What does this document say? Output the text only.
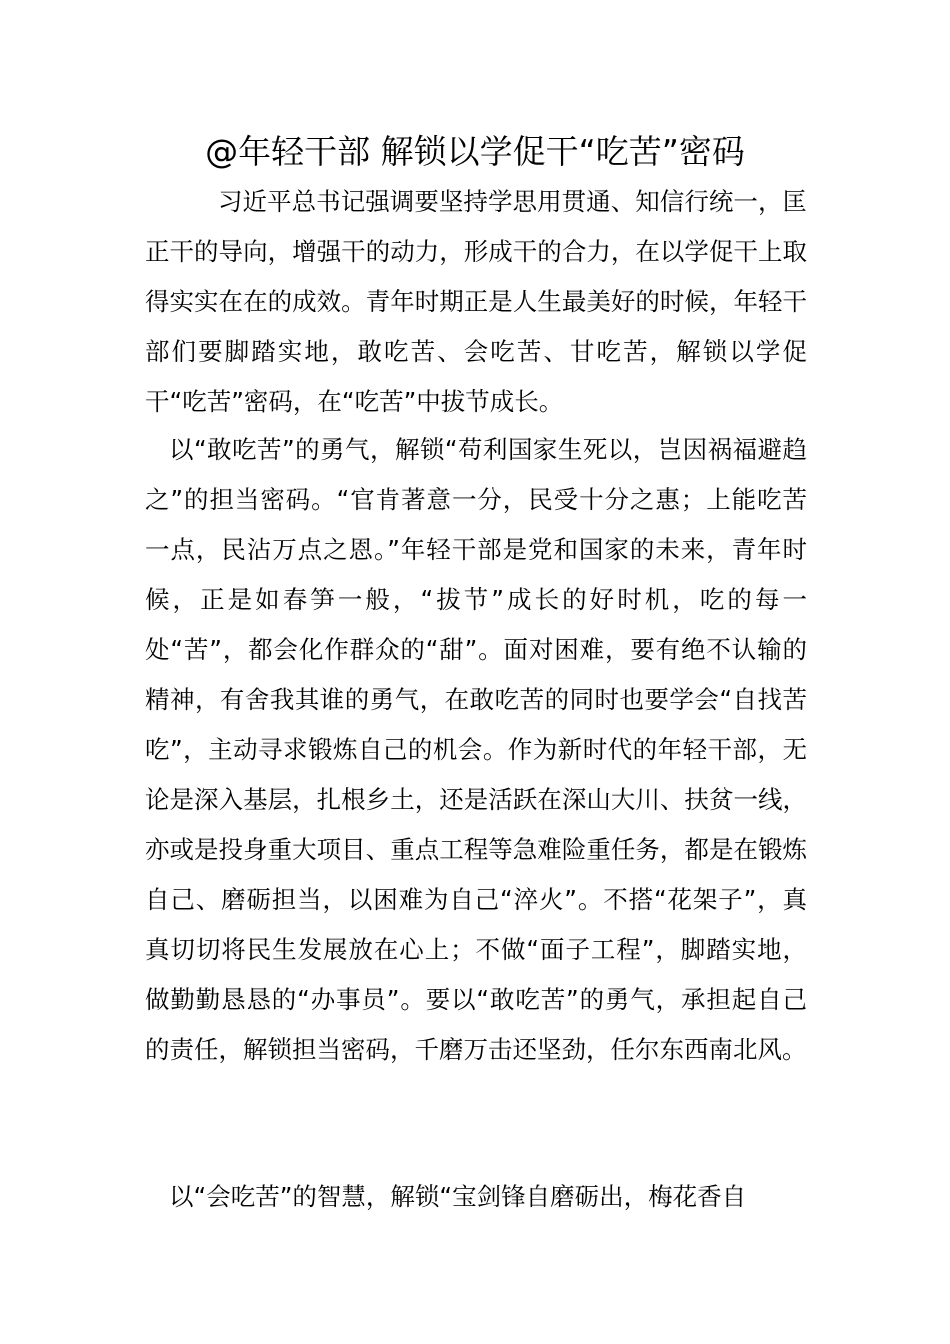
@年轻干部 解锁以学促干“吃苦”密码

习近平总书记强调要坚持学思用贯通、知信行统一，匡正干的导向，增强干的动力，形成干的合力，在以学促干上取得实实在在的成效。青年时期正是人生最美好的时候，年轻干部们要脚踏实地，敢吃苦、会吃苦、甘吃苦，解锁以学促干“吃苦”密码，在“吃苦”中拔节成长。

以“敢吃苦”的勇气，解锁“苟利国家生死以，岂因祸福避趋之”的担当密码。“官肯著意一分，民受十分之惠；上能吃苦一点，民沾万点之恩。”年轻干部是党和国家的未来，青年时候，正是如春笋一般，“拔节”成长的好时机，吃的每一处“苦”，都会化作群众的“甜”。面对困难，要有绝不认输的精神，有舍我其谁的勇气，在敢吃苦的同时也要学会“自找苦吃”，主动寻求锻炼自己的机会。作为新时代的年轻干部，无论是深入基层，扎根乡土，还是活跃在深山大川、扶贫一线，亦或是投身重大项目、重点工程等急难险重任务，都是在锻炼自己、磨砺担当，以困难为自己“淬火”。不搭“花架子”，真真切切将民生发展放在心上；不做“面子工程”，脚踏实地，做勤勤恳恳的“办事员”。要以“敢吃苦”的勇气，承担起自己的责任，解锁担当密码，千磨万击还坚劲，任尔东西南北风。

以“会吃苦”的智慧，解锁“宝剑锋自磨砺出，梅花香自
